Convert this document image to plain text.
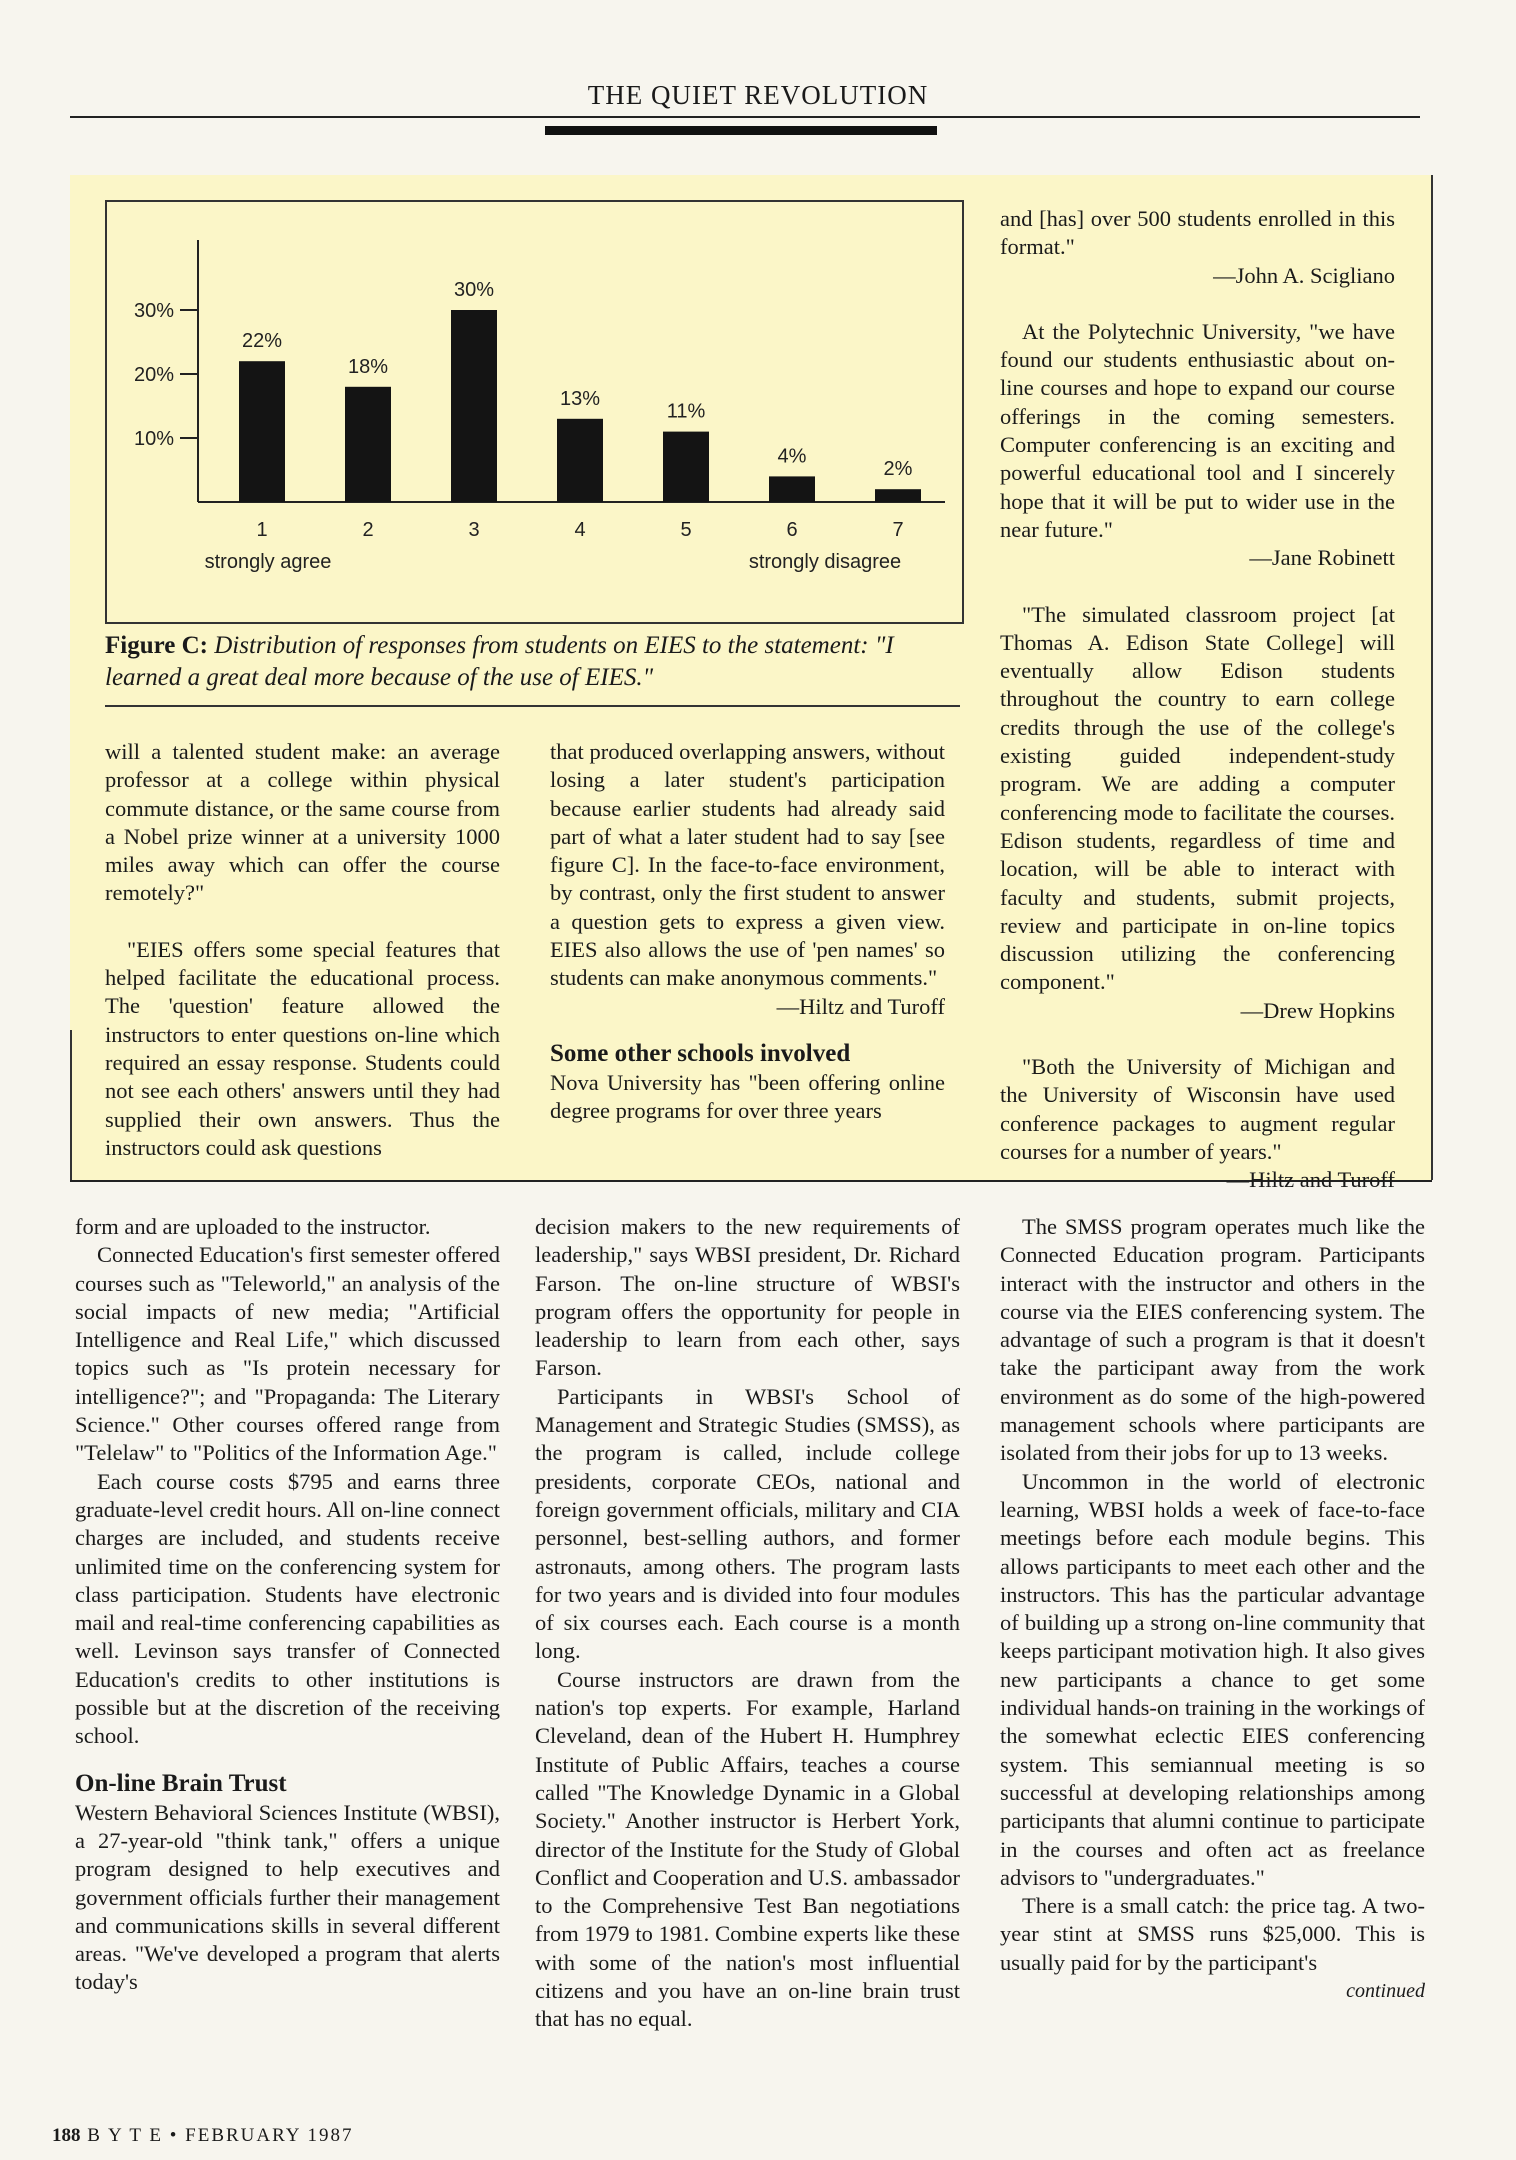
THE QUIET REVOLUTION
10%
20%
30%
22%
1
18%
2
30%
3
13%
4
11%
5
4%
6
2%
7
strongly agree	strongly disagree
Figure C: Distribution of responses from students on EIES to the statement: "I learned a great deal more because of the use of EIES."

will a talented student make: an average professor at a college within physical commute distance, or the same course from a Nobel prize winner at a university 1000 miles away which can offer the course remotely?"

"EIES offers some special features that helped facilitate the educational process. The 'question' feature allowed the instructors to enter questions on-line which required an essay response. Students could not see each others' answers until they had supplied their own answers. Thus the instructors could ask questions

that produced overlapping answers, without losing a later student's participation because earlier students had already said part of what a later student had to say [see figure C]. In the face-to-face environment, by contrast, only the first student to answer a question gets to express a given view. EIES also allows the use of 'pen names' so students can make anonymous comments."

—Hiltz and Turoff

Some other schools involved

Nova University has "been offering online degree programs for over three years

and [has] over 500 students enrolled in this format."

—John A. Scigliano

At the Polytechnic University, "we have found our students enthusiastic about on-line courses and hope to expand our course offerings in the coming semesters. Computer conferencing is an exciting and powerful educational tool and I sincerely hope that it will be put to wider use in the near future."

—Jane Robinett

"The simulated classroom project [at Thomas A. Edison State College] will eventually allow Edison students throughout the country to earn college credits through the use of the college's existing guided independent-study program. We are adding a computer conferencing mode to facilitate the courses. Edison students, regardless of time and location, will be able to interact with faculty and students, submit projects, review and participate in on-line topics discussion utilizing the conferencing component."

—Drew Hopkins

"Both the University of Michigan and the University of Wisconsin have used conference packages to augment regular courses for a number of years."

—Hiltz and Turoff

form and are uploaded to the instructor.

Connected Education's first semester offered courses such as "Teleworld," an analysis of the social impacts of new media; "Artificial Intelligence and Real Life," which discussed topics such as "Is protein necessary for intelligence?"; and "Propaganda: The Literary Science." Other courses offered range from "Telelaw" to "Politics of the Information Age."

Each course costs $795 and earns three graduate-level credit hours. All on-line connect charges are included, and students receive unlimited time on the conferencing system for class participation. Students have electronic mail and real-time conferencing capabilities as well. Levinson says transfer of Connected Education's credits to other institutions is possible but at the discretion of the receiving school.

On-line Brain Trust

Western Behavioral Sciences Institute (WBSI), a 27-year-old "think tank," offers a unique program designed to help executives and government officials further their management and communications skills in several different areas. "We've developed a program that alerts today's

decision makers to the new requirements of leadership," says WBSI president, Dr. Richard Farson. The on-line structure of WBSI's program offers the opportunity for people in leadership to learn from each other, says Farson.

Participants in WBSI's School of Management and Strategic Studies (SMSS), as the program is called, include college presidents, corporate CEOs, national and foreign government officials, military and CIA personnel, best-selling authors, and former astronauts, among others. The program lasts for two years and is divided into four modules of six courses each. Each course is a month long.

Course instructors are drawn from the nation's top experts. For example, Harland Cleveland, dean of the Hubert H. Humphrey Institute of Public Affairs, teaches a course called "The Knowledge Dynamic in a Global Society." Another instructor is Herbert York, director of the Institute for the Study of Global Conflict and Cooperation and U.S. ambassador to the Comprehensive Test Ban negotiations from 1979 to 1981. Combine experts like these with some of the nation's most influential citizens and you have an on-line brain trust that has no equal.

The SMSS program operates much like the Connected Education program. Participants interact with the instructor and others in the course via the EIES conferencing system. The advantage of such a program is that it doesn't take the participant away from the work environment as do some of the high-powered management schools where participants are isolated from their jobs for up to 13 weeks.

Uncommon in the world of electronic learning, WBSI holds a week of face-to-face meetings before each module begins. This allows participants to meet each other and the instructors. This has the particular advantage of building up a strong on-line community that keeps participant motivation high. It also gives new participants a chance to get some individual hands-on training in the workings of the somewhat eclectic EIES conferencing system. This semiannual meeting is so successful at developing relationships among participants that alumni continue to participate in the courses and often act as freelance advisors to "undergraduates."

There is a small catch: the price tag. A two-year stint at SMSS runs $25,000. This is usually paid for by the participant's

continued

188 B Y T E • FEBRUARY 1987
